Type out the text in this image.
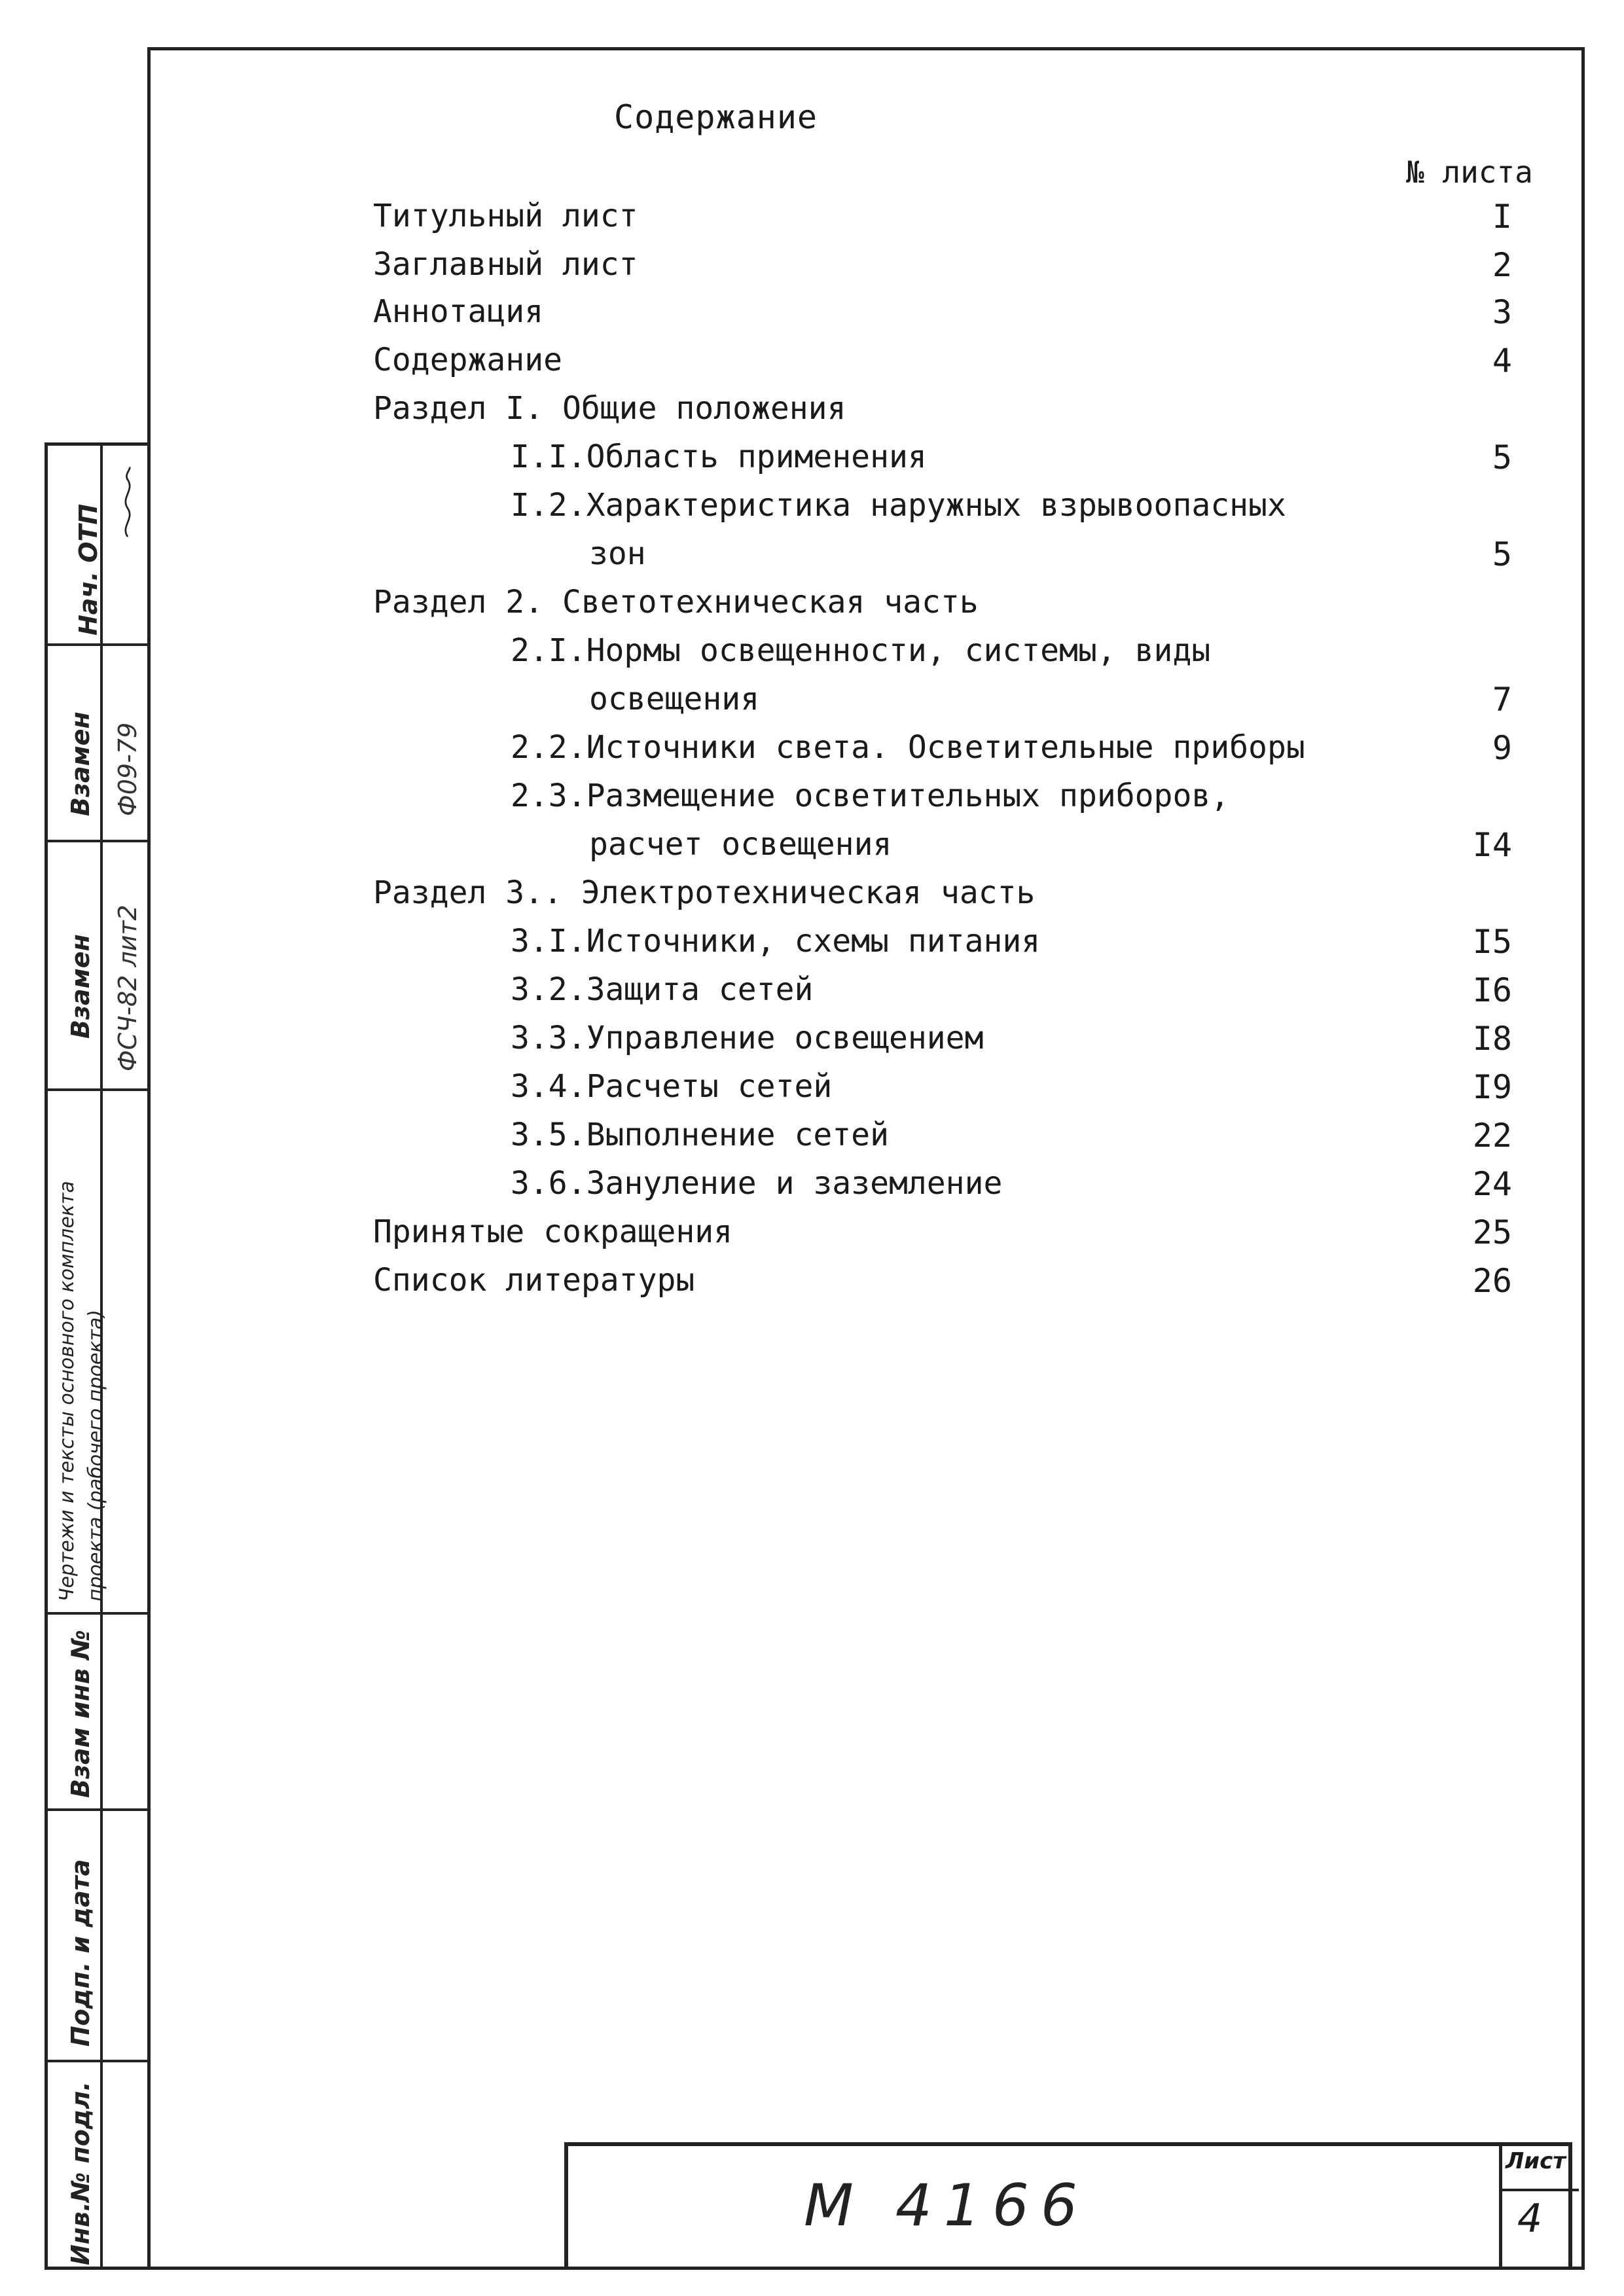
Нач. ОТП
Взамен Ф09-79
Взамен ФСЧ-82 лит2
Чертежи и тексты основного комплекта проекта (рабочего проекта)
Взам инв №
Подп. и дата
Инв.№ подл.
Содержание
№ листа
Титульный лист	I
Заглавный лист	2
Аннотация	3
Содержание	4
Раздел I. Общие положения
I.I.Область применения	5
I.2.Характеристика наружных взрывоопасных
зон	5
Раздел 2. Светотехническая часть
2.I.Нормы освещенности, системы, виды
освещения	7
2.2.Источники света. Осветительные приборы	9
2.3.Размещение осветительных приборов,
расчет освещения	I4
Раздел 3.. Электротехническая часть
3.I.Источники, схемы питания	I5
3.2.Защита сетей	I6
3.3.Управление освещением	I8
3.4.Расчеты сетей	I9
3.5.Выполнение сетей	22
3.6.Зануление и заземление	24
Принятые сокращения	25
Список литературы	26
М 4166
Лист
4
